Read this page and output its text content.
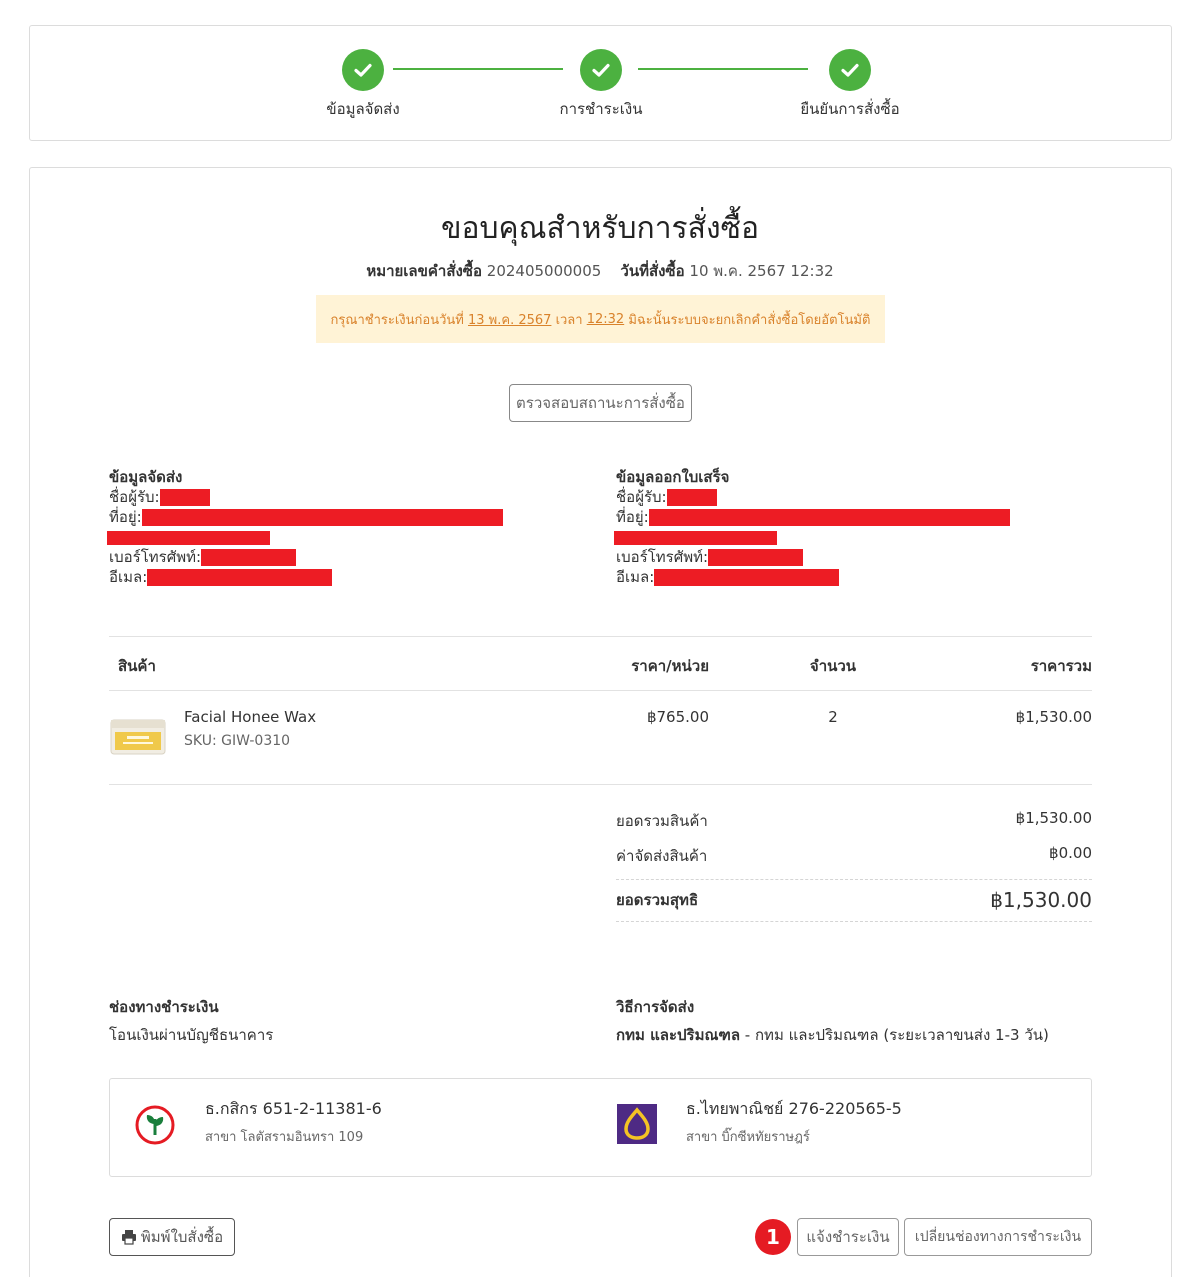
ข้อมูลจัดส่ง	การชำระเงิน	ยืนยันการสั่งซื้อ
ขอบคุณสำหรับการสั่งซื้อ
หมายเลขคำสั่งซื้อ 202405000005 วันที่สั่งซื้อ 10 พ.ค. 2567 12:32
กรุณาชำระเงินก่อนวันที่
13 พ.ค. 2567
เวลา
12:32
มิฉะนั้นระบบจะยกเลิกคำสั่งซื้อโดยอัตโนมัติ
ตรวจสอบสถานะการสั่งซื้อ
ข้อมูลจัดส่ง
ชื่อผู้รับ:
ที่อยู่:
เบอร์โทรศัพท์:
อีเมล:
ข้อมูลออกใบเสร็จ
ชื่อผู้รับ:
ที่อยู่:
เบอร์โทรศัพท์:
อีเมล:
สินค้า	ราคา/หน่วย	จำนวน	ราคารวม
Facial Honee Wax
SKU: GIW-0310
฿765.00	2	฿1,530.00
ยอดรวมสินค้า	฿1,530.00
ค่าจัดส่งสินค้า	฿0.00
ยอดรวมสุทธิ	฿1,530.00
ช่องทางชำระเงิน
โอนเงินผ่านบัญชีธนาคาร
วิธีการจัดส่ง
กทม และปริมณฑล - กทม และปริมณฑล (ระยะเวลาขนส่ง 1-3 วัน)
ธ.กสิกร 651-2-11381-6
สาขา โลตัสรามอินทรา 109
ธ.ไทยพาณิชย์ 276-220565-5
สาขา บิ๊กซีหทัยราษฎร์
พิมพ์ใบสั่งซื้อ	1	แจ้งชำระเงิน	เปลี่ยนช่องทางการชำระเงิน
